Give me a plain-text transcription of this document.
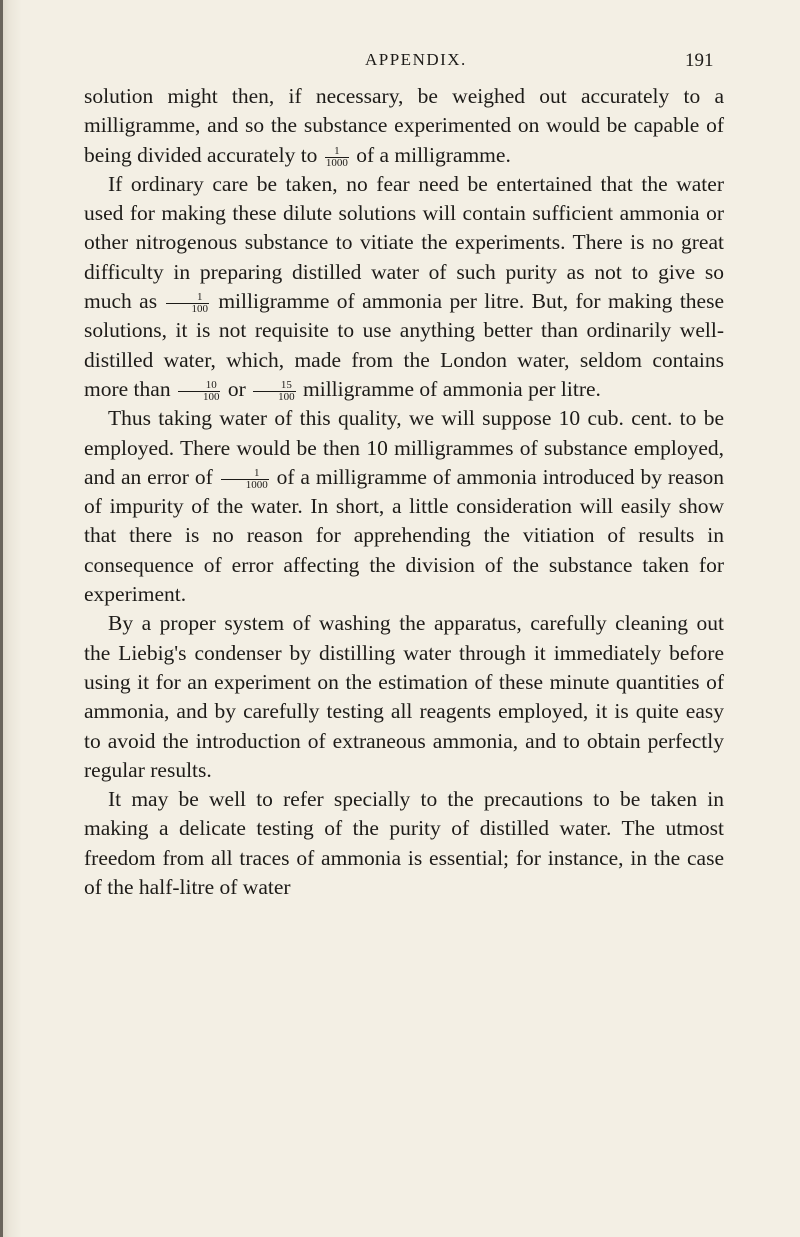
APPENDIX.	191

solution might then, if necessary, be weighed out accurately to a milligramme, and so the substance experimented on would be capable of being divided accurately to $\frac{1}{1000}$ of a milligramme.

If ordinary care be taken, no fear need be entertained that the water used for making these dilute solutions will contain sufficient ammonia or other nitrogenous substance to vitiate the experiments. There is no great difficulty in preparing distilled water of such purity as not to give so much as $\frac{1}{100}$ milligramme of ammonia per litre. But, for making these solutions, it is not requisite to use anything better than ordinarily well-distilled water, which, made from the London water, seldom contains more than $\frac{10}{100}$ or $\frac{15}{100}$ milligramme of ammonia per litre.

Thus taking water of this quality, we will suppose 10 cub. cent. to be employed. There would be then 10 milligrammes of substance employed, and an error of $\frac{1}{1000}$ of a milligramme of ammonia introduced by reason of impurity of the water. In short, a little consideration will easily show that there is no reason for apprehending the vitiation of results in consequence of error affecting the division of the substance taken for experiment.

By a proper system of washing the apparatus, carefully cleaning out the Liebig's condenser by distilling water through it immediately before using it for an experiment on the estimation of these minute quantities of ammonia, and by carefully testing all reagents employed, it is quite easy to avoid the introduction of extraneous ammonia, and to obtain perfectly regular results.

It may be well to refer specially to the precautions to be taken in making a delicate testing of the purity of distilled water. The utmost freedom from all traces of ammonia is essential; for instance, in the case of the half-litre of water
